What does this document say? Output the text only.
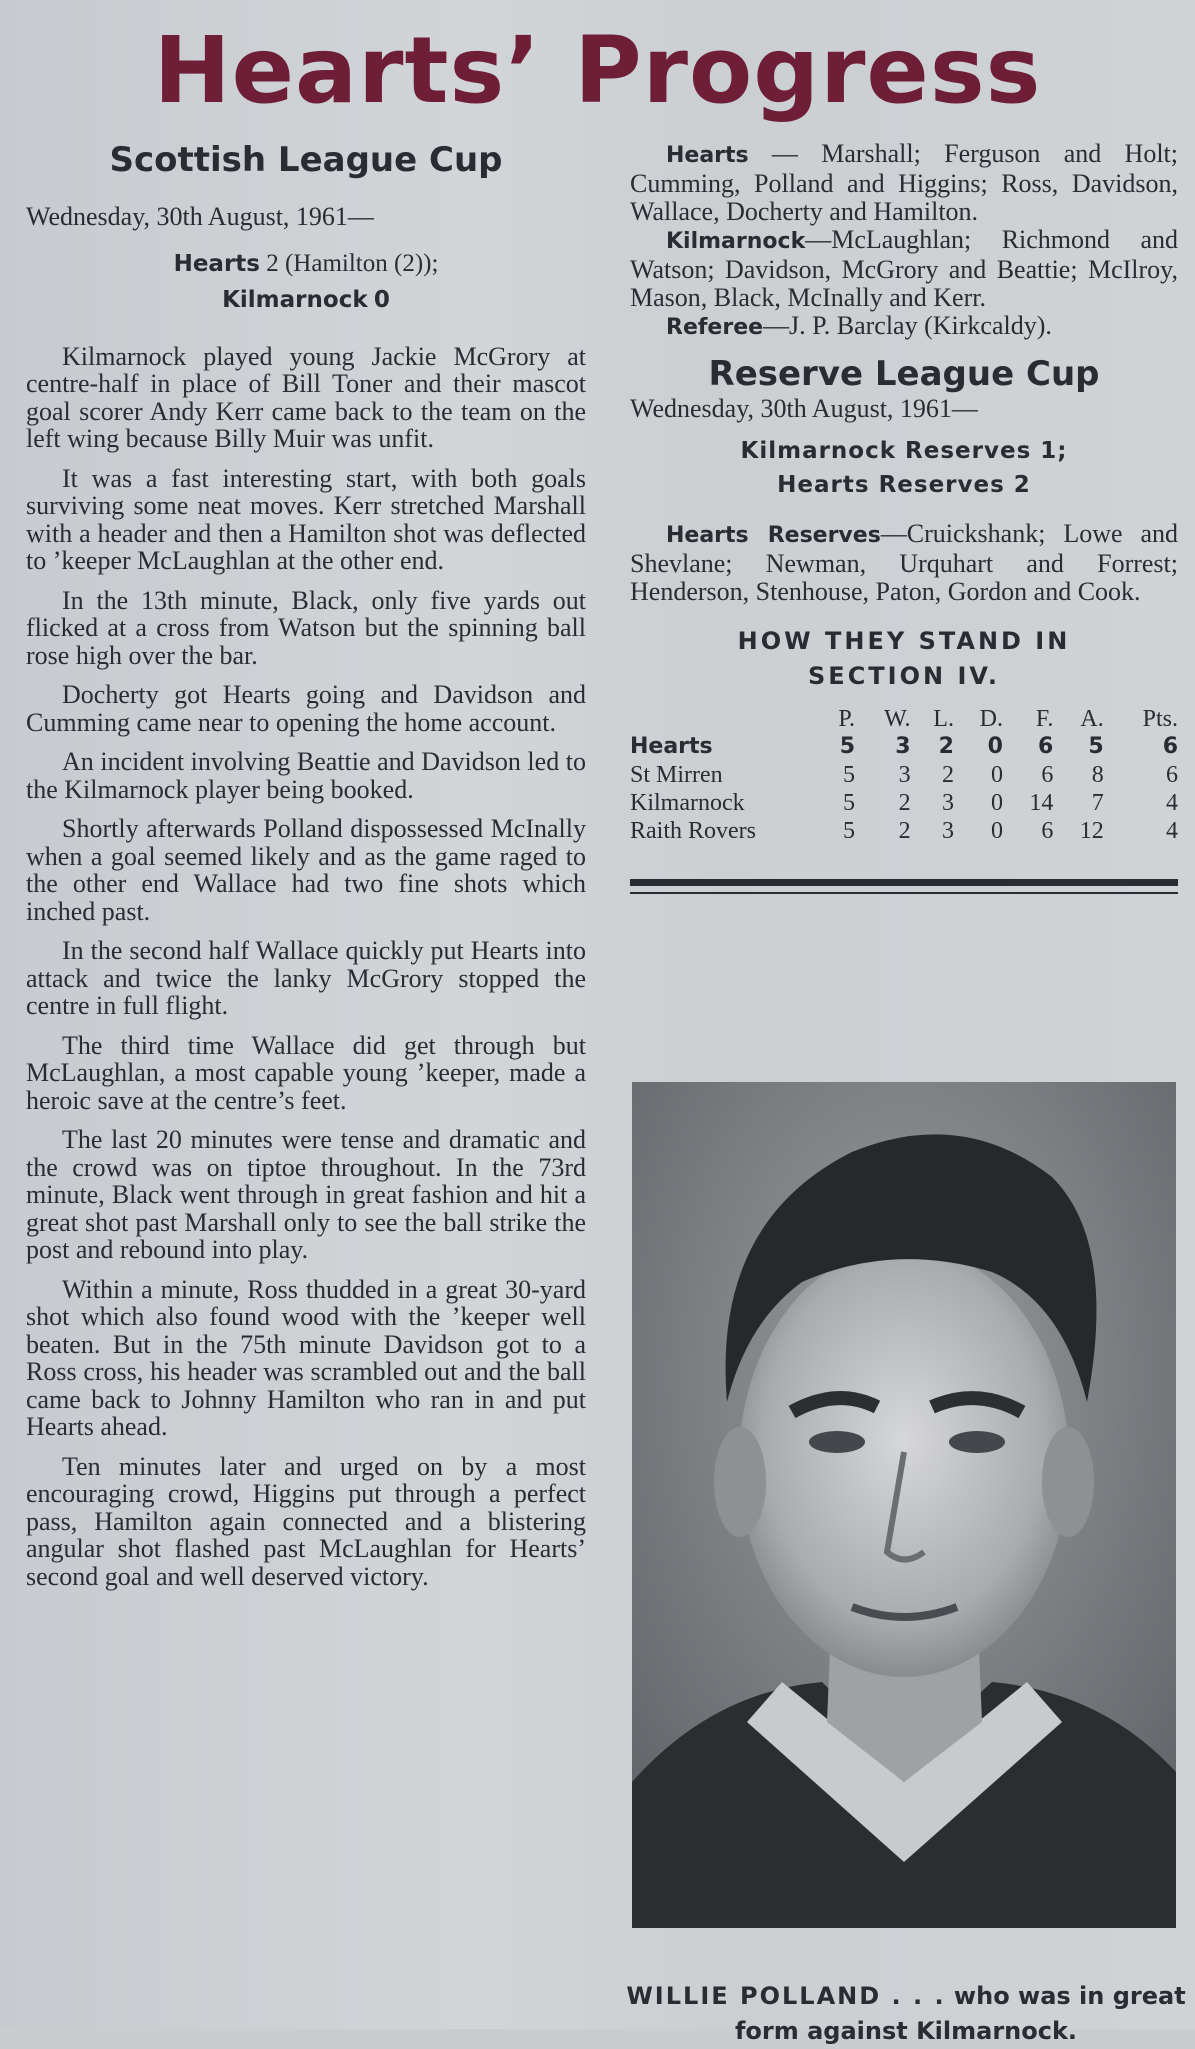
Hearts’ Progress
Scottish League Cup

Wednesday, 30th August, 1961—

Hearts 2 (Hamilton (2));

Kilmarnock 0

Kilmarnock played young Jackie McGrory at centre-half in place of Bill Toner and their mascot goal scorer Andy Kerr came back to the team on the left wing because Billy Muir was unfit.

It was a fast interesting start, with both goals surviving some neat moves. Kerr stretched Marshall with a header and then a Hamilton shot was deflected to ’keeper McLaughlan at the other end.

In the 13th minute, Black, only five yards out flicked at a cross from Watson but the spinning ball rose high over the bar.

Docherty got Hearts going and Davidson and Cumming came near to opening the home account.

An incident involving Beattie and Davidson led to the Kilmarnock player being booked.

Shortly afterwards Polland dispossessed McInally when a goal seemed likely and as the game raged to the other end Wallace had two fine shots which inched past.

In the second half Wallace quickly put Hearts into attack and twice the lanky McGrory stopped the centre in full flight.

The third time Wallace did get through but McLaughlan, a most capable young ’keeper, made a heroic save at the centre’s feet.

The last 20 minutes were tense and dramatic and the crowd was on tiptoe throughout. In the 73rd minute, Black went through in great fashion and hit a great shot past Marshall only to see the ball strike the post and rebound into play.

Within a minute, Ross thudded in a great 30-yard shot which also found wood with the ’keeper well beaten. But in the 75th minute Davidson got to a Ross cross, his header was scrambled out and the ball came back to Johnny Hamilton who ran in and put Hearts ahead.

Ten minutes later and urged on by a most encouraging crowd, Higgins put through a perfect pass, Hamilton again connected and a blistering angular shot flashed past McLaughlan for Hearts’ second goal and well deserved victory.

Hearts — Marshall; Ferguson and Holt; Cumming, Polland and Higgins; Ross, Davidson, Wallace, Docherty and Hamilton.

Kilmarnock—McLaughlan; Richmond and Watson; Davidson, McGrory and Beattie; McIlroy, Mason, Black, McInally and Kerr.

Referee—J. P. Barclay (Kirkcaldy).

Reserve League Cup

Wednesday, 30th August, 1961—

Kilmarnock Reserves 1;

Hearts Reserves 2

Hearts Reserves—Cruickshank; Lowe and Shevlane; Newman, Urquhart and Forrest; Henderson, Stenhouse, Paton, Gordon and Cook.

HOW THEY STAND IN

SECTION IV.

	P.	W.	L.	D.	F.	A.	Pts.
Hearts	5	3	2	0	6	5	6
St Mirren	5	3	2	0	6	8	6
Kilmarnock	5	2	3	0	14	7	4
Raith Rovers	5	2	3	0	6	12	4

WILLIE POLLAND . . . who was in great form against Kilmarnock.
